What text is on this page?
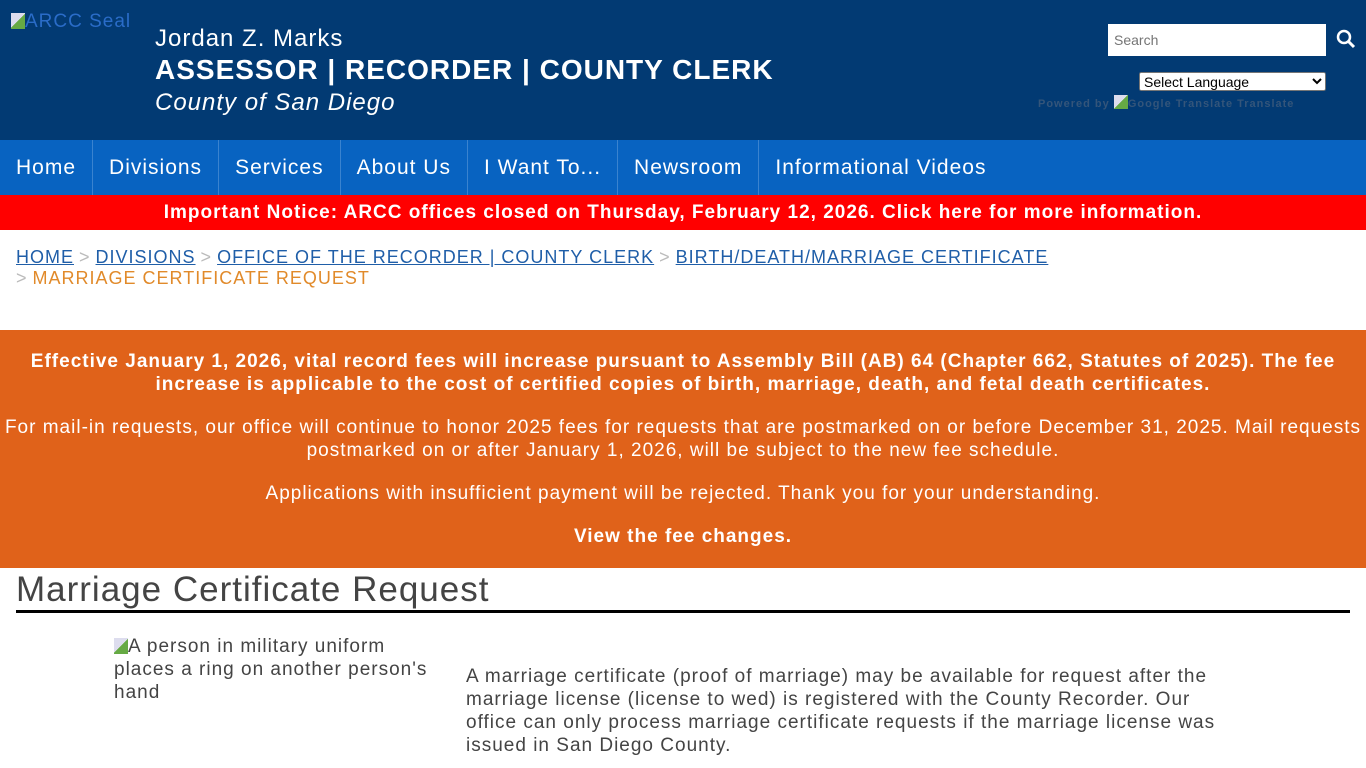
ARCC Seal
Jordan Z. Marks
ASSESSOR | RECORDER | COUNTY CLERK
County of San Diego
Search
Select Language	Powered by Google Translate Translate
Home	Divisions	Services	About Us	I Want To...	Newsroom	Informational Videos
Important Notice: ARCC offices closed on Thursday, February 12, 2026. Click here for more information.
HOME > DIVISIONS > OFFICE OF THE RECORDER | COUNTY CLERK > BIRTH/DEATH/MARRIAGE CERTIFICATE
> MARRIAGE CERTIFICATE REQUEST

Effective January 1, 2026, vital record fees will increase pursuant to Assembly Bill (AB) 64 (Chapter 662, Statutes of 2025). The fee increase is applicable to the cost of certified copies of birth, marriage, death, and fetal death certificates.

For mail-in requests, our office will continue to honor 2025 fees for requests that are postmarked on or before December 31, 2025. Mail requests postmarked on or after January 1, 2026, will be subject to the new fee schedule.

Applications with insufficient payment will be rejected. Thank you for your understanding.

View the fee changes.

Marriage Certificate Request
A person in military uniform places a ring on another person's hand
A marriage certificate (proof of marriage) may be available for request after the marriage license (license to wed) is registered with the County Recorder. Our office can only process marriage certificate requests if the marriage license was issued in San Diego County.
